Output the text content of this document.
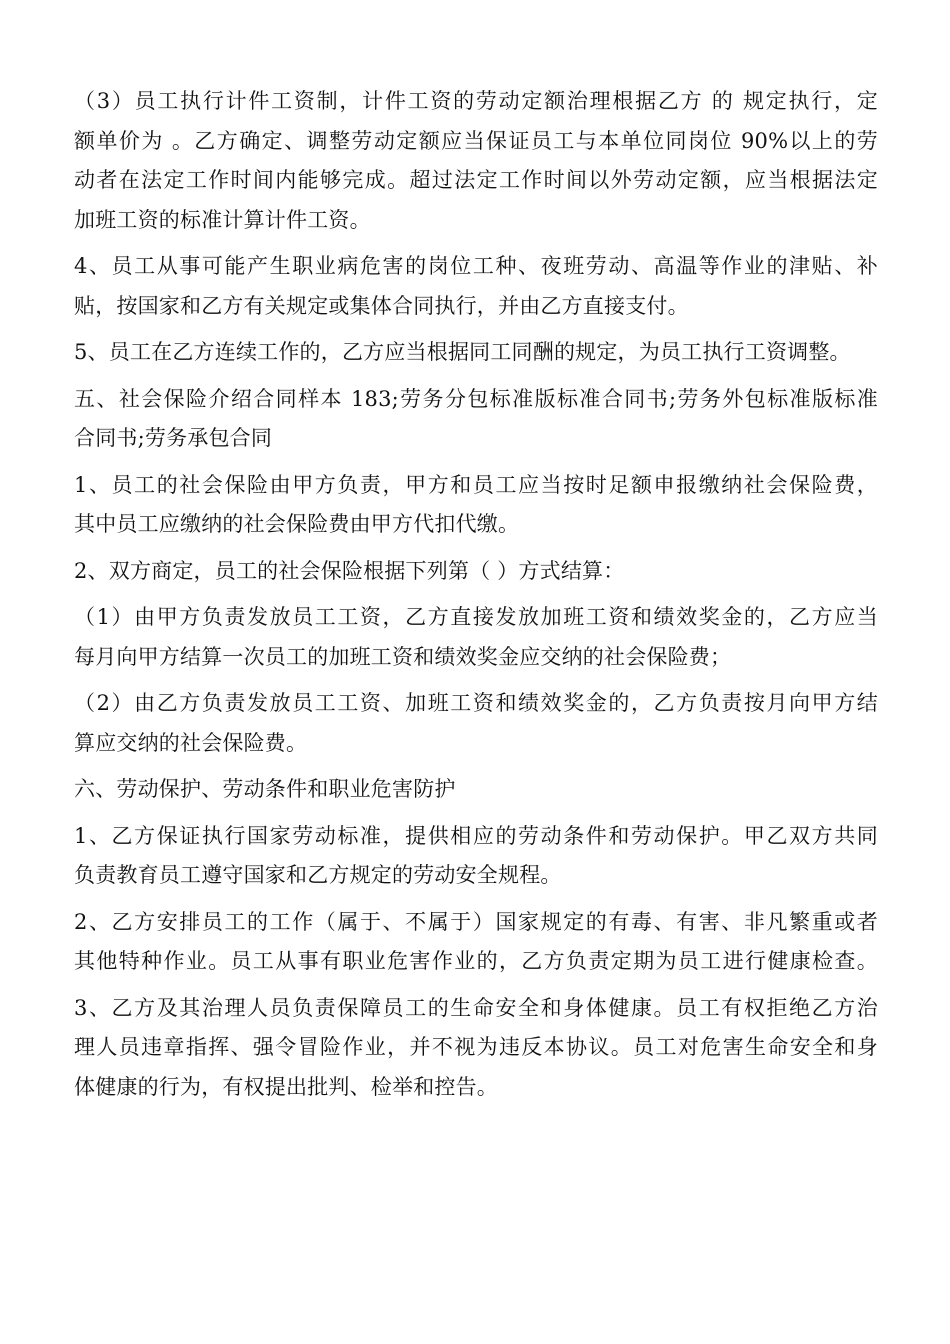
（3）员工执行计件工资制，计件工资的劳动定额治理根据乙方 的 规定执行，定
额单价为 。乙方确定、调整劳动定额应当保证员工与本单位同岗位 90%以上的劳
动者在法定工作时间内能够完成。超过法定工作时间以外劳动定额，应当根据法定
加班工资的标准计算计件工资。
4、员工从事可能产生职业病危害的岗位工种、夜班劳动、高温等作业的津贴、补
贴，按国家和乙方有关规定或集体合同执行，并由乙方直接支付。
5、员工在乙方连续工作的，乙方应当根据同工同酬的规定，为员工执行工资调整。
五、社会保险介绍合同样本 183;劳务分包标准版标准合同书;劳务外包标准版标准
合同书;劳务承包合同
1、员工的社会保险由甲方负责，甲方和员工应当按时足额申报缴纳社会保险费，
其中员工应缴纳的社会保险费由甲方代扣代缴。
2、双方商定，员工的社会保险根据下列第（ ）方式结算：
（1）由甲方负责发放员工工资，乙方直接发放加班工资和绩效奖金的，乙方应当
每月向甲方结算一次员工的加班工资和绩效奖金应交纳的社会保险费；
（2）由乙方负责发放员工工资、加班工资和绩效奖金的，乙方负责按月向甲方结
算应交纳的社会保险费。
六、劳动保护、劳动条件和职业危害防护
1、乙方保证执行国家劳动标准，提供相应的劳动条件和劳动保护。甲乙双方共同
负责教育员工遵守国家和乙方规定的劳动安全规程。
2、乙方安排员工的工作（属于、不属于）国家规定的有毒、有害、非凡繁重或者
其他特种作业。员工从事有职业危害作业的，乙方负责定期为员工进行健康检查。
3、乙方及其治理人员负责保障员工的生命安全和身体健康。员工有权拒绝乙方治
理人员违章指挥、强令冒险作业，并不视为违反本协议。员工对危害生命安全和身
体健康的行为，有权提出批判、检举和控告。
